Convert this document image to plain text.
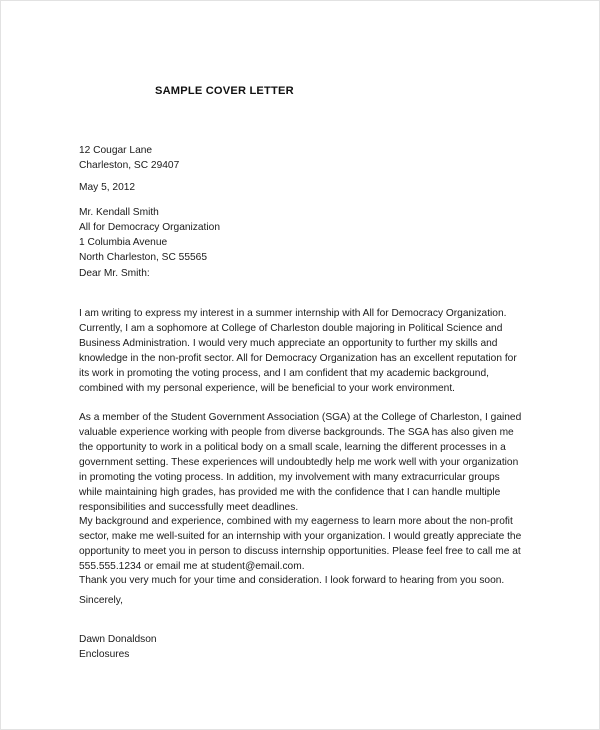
SAMPLE COVER LETTER
12 Cougar Lane
Charleston, SC 29407
May 5, 2012
Mr. Kendall Smith
All for Democracy Organization
1 Columbia Avenue
North Charleston, SC 55565
Dear Mr. Smith:

I am writing to express my interest in a summer internship with All for Democracy Organization. Currently, I am a sophomore at College of Charleston double majoring in Political Science and Business Administration. I would very much appreciate an opportunity to further my skills and knowledge in the non-profit sector. All for Democracy Organization has an excellent reputation for its work in promoting the voting process, and I am confident that my academic background, combined with my personal experience, will be beneficial to your work environment.

As a member of the Student Government Association (SGA) at the College of Charleston, I gained valuable experience working with people from diverse backgrounds. The SGA has also given me the opportunity to work in a political body on a small scale, learning the different processes in a government setting. These experiences will undoubtedly help me work well with your organization in promoting the voting process. In addition, my involvement with many extracurricular groups while maintaining high grades, has provided me with the confidence that I can handle multiple responsibilities and successfully meet deadlines.

My background and experience, combined with my eagerness to learn more about the non-profit sector, make me well-suited for an internship with your organization. I would greatly appreciate the opportunity to meet you in person to discuss internship opportunities. Please feel free to call me at 555.555.1234 or email me at student@email.com.

Thank you very much for your time and consideration. I look forward to hearing from you soon.

Sincerely,
Dawn Donaldson
Enclosures
